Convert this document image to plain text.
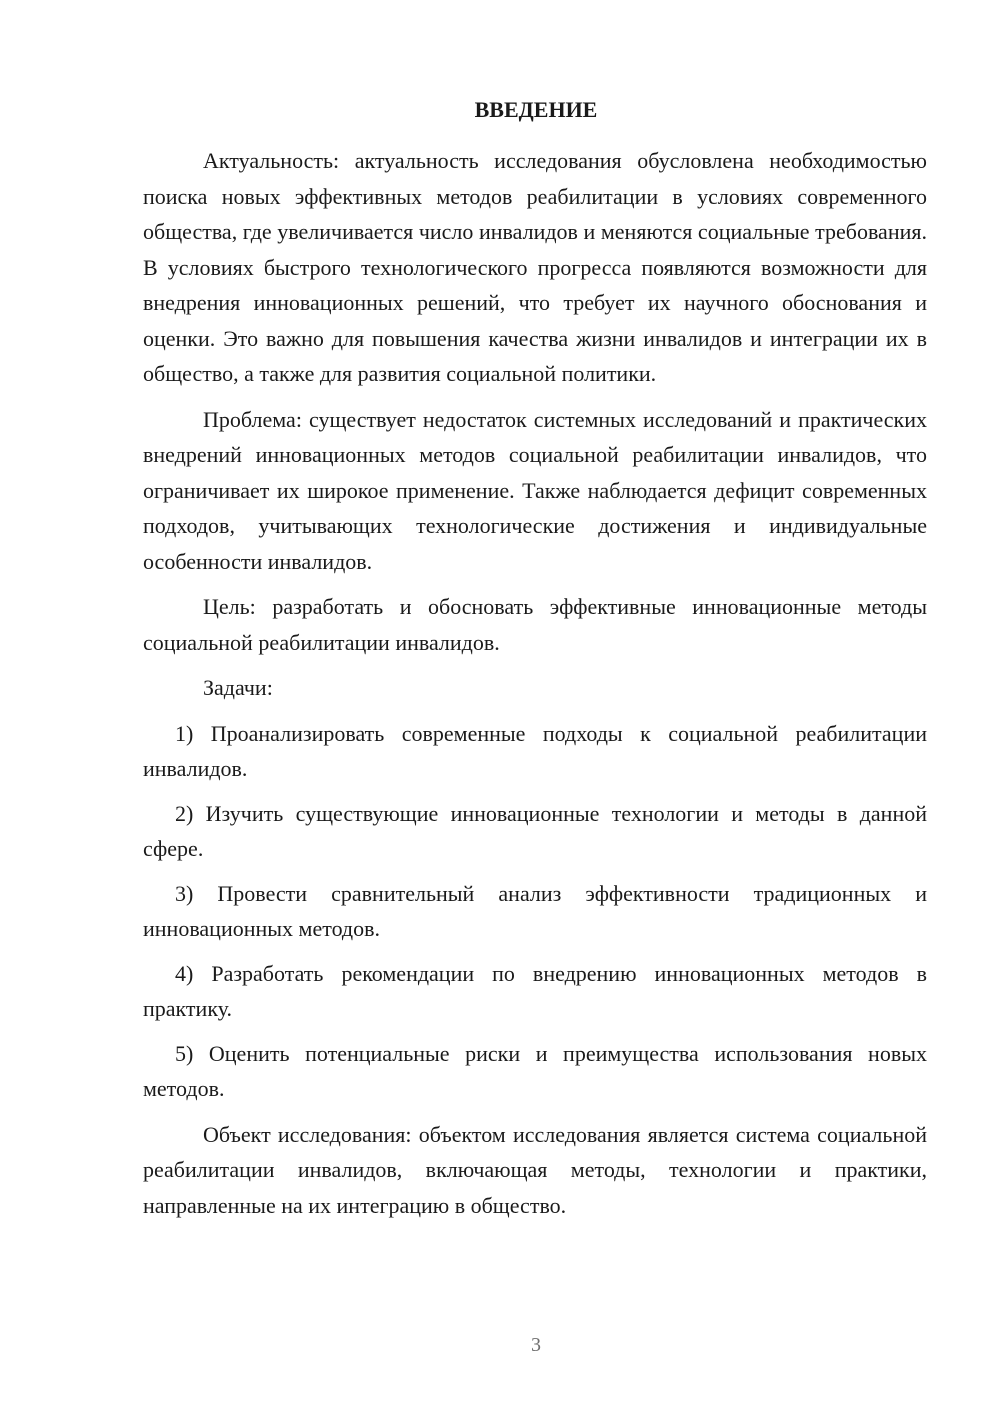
ВВЕДЕНИЕ

Актуальность: актуальность исследования обусловлена необходимостью поиска новых эффективных методов реабилитации в условиях современного общества, где увеличивается число инвалидов и меняются социальные требования. В условиях быстрого технологического прогресса появляются возможности для внедрения инновационных решений, что требует их научного обоснования и оценки. Это важно для повышения качества жизни инвалидов и интеграции их в общество, а также для развития социальной политики.

Проблема: существует недостаток системных исследований и практических внедрений инновационных методов социальной реабилитации инвалидов, что ограничивает их широкое применение. Также наблюдается дефицит современных подходов, учитывающих технологические достижения и индивидуальные особенности инвалидов.

Цель: разработать и обосновать эффективные инновационные методы социальной реабилитации инвалидов.

Задачи:

1) Проанализировать современные подходы к социальной реабилитации инвалидов.

2) Изучить существующие инновационные технологии и методы в данной сфере.

3) Провести сравнительный анализ эффективности традиционных и инновационных методов.

4) Разработать рекомендации по внедрению инновационных методов в практику.

5) Оценить потенциальные риски и преимущества использования новых методов.

Объект исследования: объектом исследования является система социальной реабилитации инвалидов, включающая методы, технологии и практики, направленные на их интеграцию в общество.

3
